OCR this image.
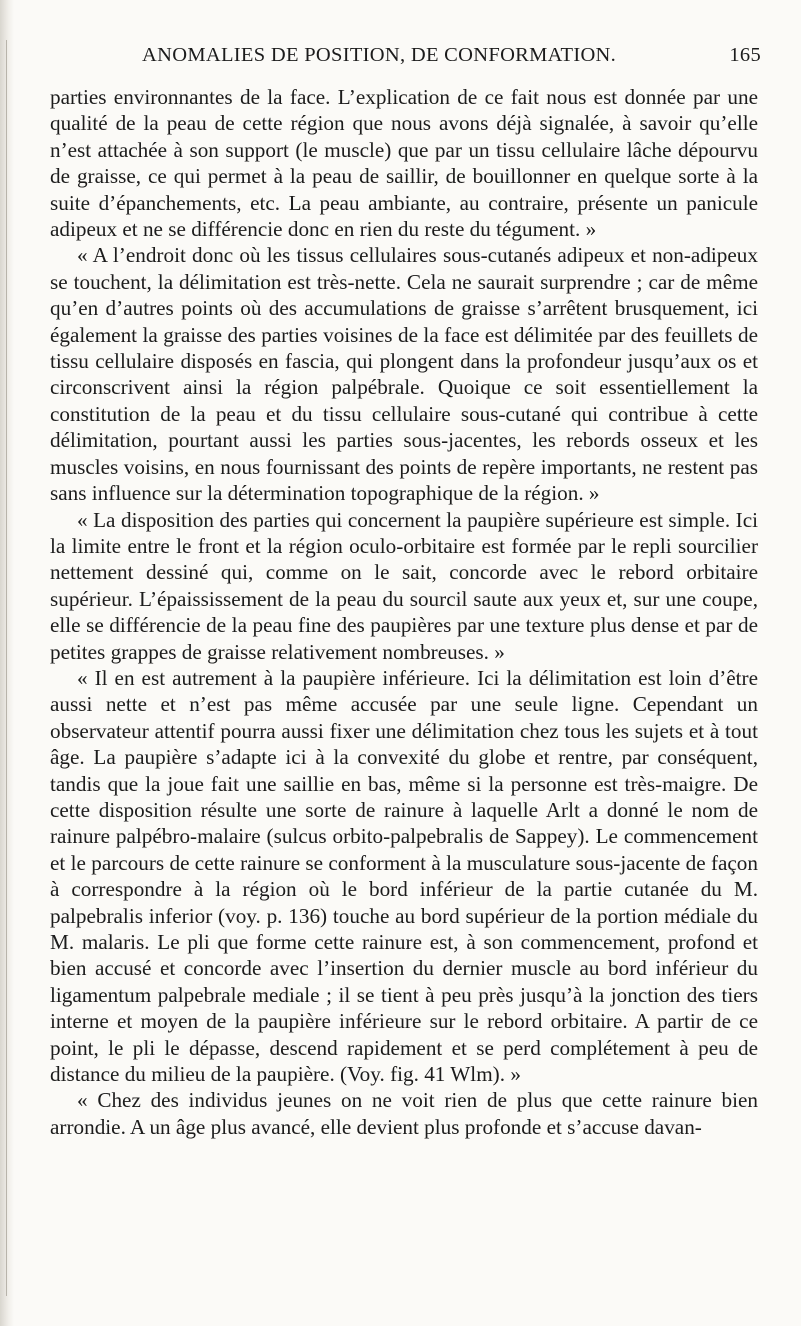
ANOMALIES DE POSITION, DE CONFORMATION.	165

parties environnantes de la face. L’explication de ce fait nous est donnée par une qualité de la peau de cette région que nous avons déjà signalée, à savoir qu’elle n’est attachée à son support (le muscle) que par un tissu cellulaire lâche dépourvu de graisse, ce qui permet à la peau de saillir, de bouillonner en quelque sorte à la suite d’épanchements, etc. La peau ambiante, au contraire, présente un panicule adipeux et ne se différencie donc en rien du reste du tégument. »

« A l’endroit donc où les tissus cellulaires sous-cutanés adipeux et non-adipeux se touchent, la délimitation est très-nette. Cela ne saurait surprendre ; car de même qu’en d’autres points où des accumulations de graisse s’arrêtent brusquement, ici également la graisse des parties voisines de la face est délimitée par des feuillets de tissu cellulaire disposés en fascia, qui plongent dans la profondeur jusqu’aux os et circonscrivent ainsi la région palpébrale. Quoique ce soit essentiellement la constitution de la peau et du tissu cellulaire sous-cutané qui contribue à cette délimitation, pourtant aussi les parties sous-jacentes, les rebords osseux et les muscles voisins, en nous fournissant des points de repère importants, ne restent pas sans influence sur la détermination topographique de la région. »

« La disposition des parties qui concernent la paupière supérieure est simple. Ici la limite entre le front et la région oculo-orbitaire est formée par le repli sourcilier nettement dessiné qui, comme on le sait, concorde avec le rebord orbitaire supérieur. L’épaississement de la peau du sourcil saute aux yeux et, sur une coupe, elle se différencie de la peau fine des paupières par une texture plus dense et par de petites grappes de graisse relativement nombreuses. »

« Il en est autrement à la paupière inférieure. Ici la délimitation est loin d’être aussi nette et n’est pas même accusée par une seule ligne. Cependant un observateur attentif pourra aussi fixer une délimitation chez tous les sujets et à tout âge. La paupière s’adapte ici à la convexité du globe et rentre, par conséquent, tandis que la joue fait une saillie en bas, même si la personne est très-maigre. De cette disposition résulte une sorte de rainure à laquelle Arlt a donné le nom de rainure palpébro-malaire (sulcus orbito-palpebralis de Sappey). Le commencement et le parcours de cette rainure se conforment à la musculature sous-jacente de façon à correspondre à la région où le bord inférieur de la partie cutanée du M. palpebralis inferior (voy. p. 136) touche au bord supérieur de la portion médiale du M. malaris. Le pli que forme cette rainure est, à son commencement, profond et bien accusé et concorde avec l’insertion du dernier muscle au bord inférieur du ligamentum palpebrale mediale ; il se tient à peu près jusqu’à la jonction des tiers interne et moyen de la paupière inférieure sur le rebord orbitaire. A partir de ce point, le pli le dépasse, descend rapidement et se perd complétement à peu de distance du milieu de la paupière. (Voy. fig. 41 Wlm). »

« Chez des individus jeunes on ne voit rien de plus que cette rainure bien arrondie. A un âge plus avancé, elle devient plus profonde et s’accuse davan-
